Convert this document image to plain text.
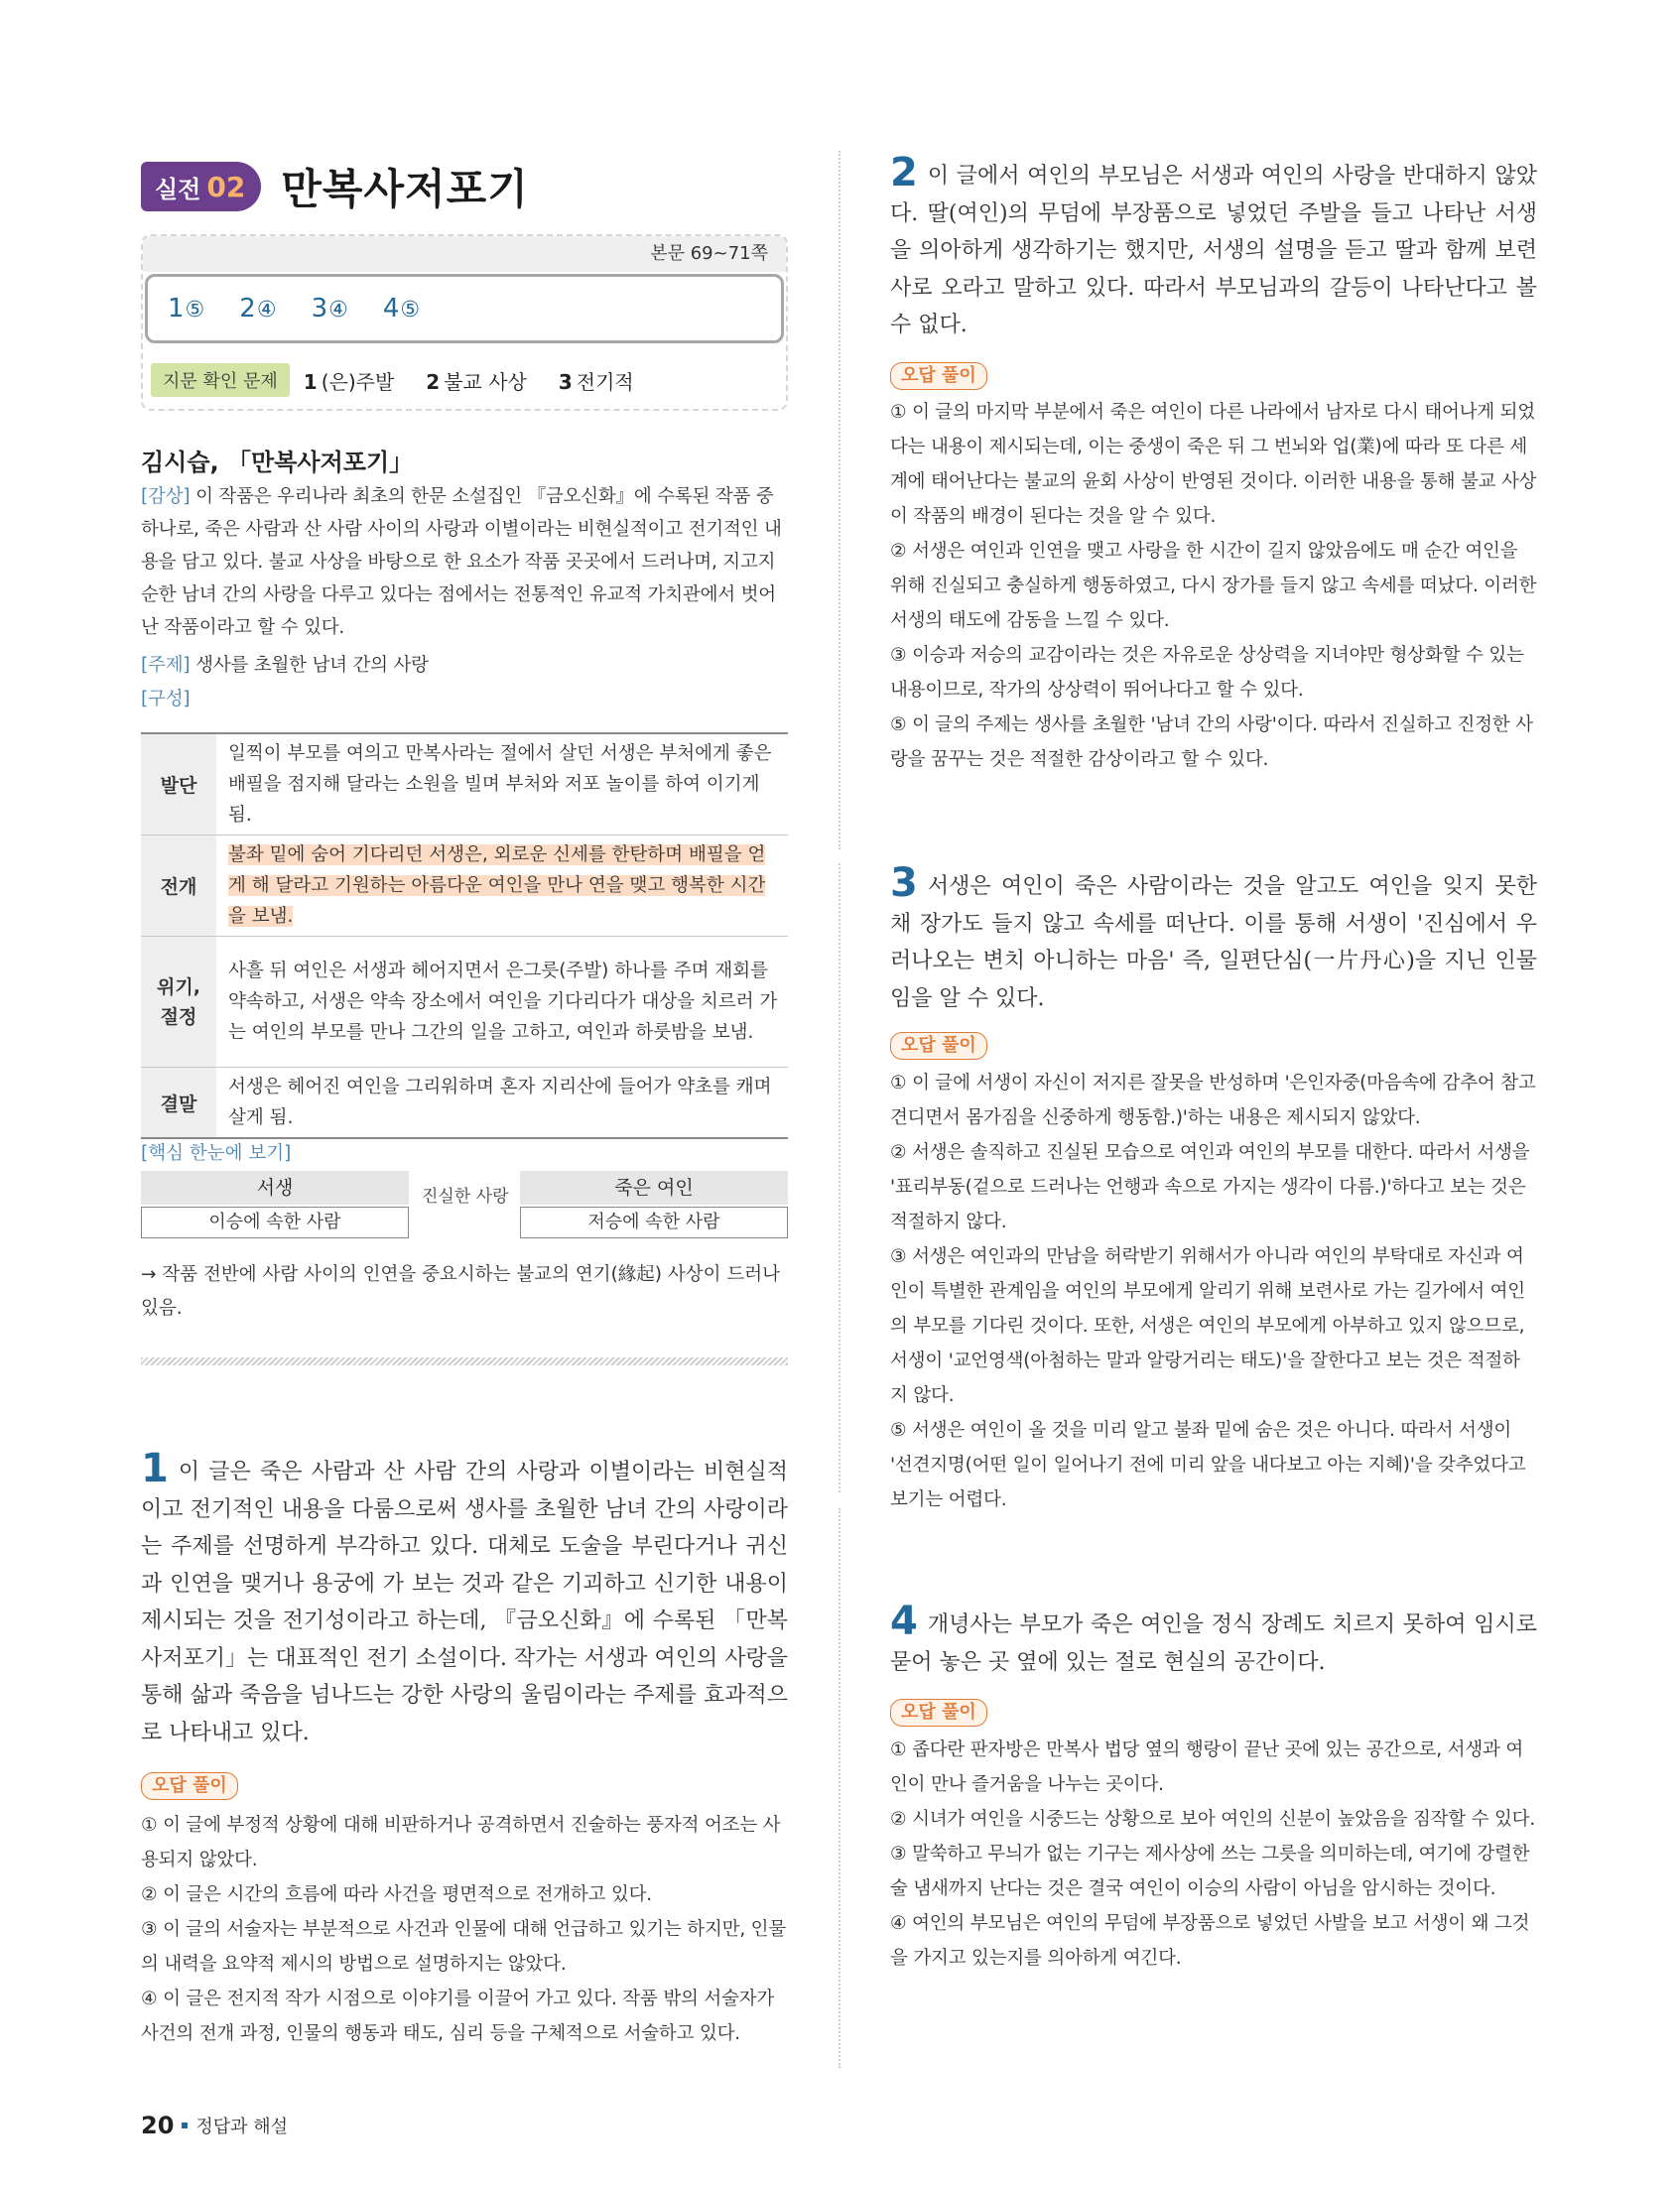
실전 02 만복사저포기
본문 69~71쪽
1⑤ 2④ 3④ 4⑤
지문 확인 문제	1 (은)주발 2 불교 사상 3 전기적
김시습, 「만복사저포기」
[감상] 이 작품은 우리나라 최초의 한문 소설집인 『금오신화』에 수록된 작품 중 하나로, 죽은 사람과 산 사람 사이의 사랑과 이별이라는 비현실적이고 전기적인 내용을 담고 있다. 불교 사상을 바탕으로 한 요소가 작품 곳곳에서 드러나며, 지고지순한 남녀 간의 사랑을 다루고 있다는 점에서는 전통적인 유교적 가치관에서 벗어난 작품이라고 할 수 있다.
[주제] 생사를 초월한 남녀 간의 사랑
[구성]
발단	일찍이 부모를 여의고 만복사라는 절에서 살던 서생은 부처에게 좋은 배필을 점지해 달라는 소원을 빌며 부처와 저포 놀이를 하여 이기게 됨.
전개	불좌 밑에 숨어 기다리던 서생은, 외로운 신세를 한탄하며 배필을 얻게 해 달라고 기원하는 아름다운 여인을 만나 연을 맺고 행복한 시간을 보냄.
위기,
절정	사흘 뒤 여인은 서생과 헤어지면서 은그릇(주발) 하나를 주며 재회를 약속하고, 서생은 약속 장소에서 여인을 기다리다가 대상을 치르러 가는 여인의 부모를 만나 그간의 일을 고하고, 여인과 하룻밤을 보냄.
결말	서생은 헤어진 여인을 그리워하며 혼자 지리산에 들어가 약초를 캐며 살게 됨.
[핵심 한눈에 보기]
서생
이승에 속한 사람
진실한 사랑	죽은 여인
저승에 속한 사람
→ 작품 전반에 사람 사이의 인연을 중요시하는 불교의 연기(緣起) 사상이 드러나 있음.
1 이 글은 죽은 사람과 산 사람 간의 사랑과 이별이라는 비현실적이고 전기적인 내용을 다룸으로써 생사를 초월한 남녀 간의 사랑이라는 주제를 선명하게 부각하고 있다. 대체로 도술을 부린다거나 귀신과 인연을 맺거나 용궁에 가 보는 것과 같은 기괴하고 신기한 내용이 제시되는 것을 전기성이라고 하는데, 『금오신화』에 수록된 「만복사저포기」는 대표적인 전기 소설이다. 작가는 서생과 여인의 사랑을 통해 삶과 죽음을 넘나드는 강한 사랑의 울림이라는 주제를 효과적으로 나타내고 있다.
오답 풀이
① 이 글에 부정적 상황에 대해 비판하거나 공격하면서 진술하는 풍자적 어조는 사용되지 않았다.
② 이 글은 시간의 흐름에 따라 사건을 평면적으로 전개하고 있다.
③ 이 글의 서술자는 부분적으로 사건과 인물에 대해 언급하고 있기는 하지만, 인물의 내력을 요약적 제시의 방법으로 설명하지는 않았다.
④ 이 글은 전지적 작가 시점으로 이야기를 이끌어 가고 있다. 작품 밖의 서술자가 사건의 전개 과정, 인물의 행동과 태도, 심리 등을 구체적으로 서술하고 있다.
2 이 글에서 여인의 부모님은 서생과 여인의 사랑을 반대하지 않았다. 딸(여인)의 무덤에 부장품으로 넣었던 주발을 들고 나타난 서생을 의아하게 생각하기는 했지만, 서생의 설명을 듣고 딸과 함께 보련사로 오라고 말하고 있다. 따라서 부모님과의 갈등이 나타난다고 볼 수 없다.
오답 풀이
① 이 글의 마지막 부분에서 죽은 여인이 다른 나라에서 남자로 다시 태어나게 되었다는 내용이 제시되는데, 이는 중생이 죽은 뒤 그 번뇌와 업(業)에 따라 또 다른 세계에 태어난다는 불교의 윤회 사상이 반영된 것이다. 이러한 내용을 통해 불교 사상이 작품의 배경이 된다는 것을 알 수 있다.
② 서생은 여인과 인연을 맺고 사랑을 한 시간이 길지 않았음에도 매 순간 여인을 위해 진실되고 충실하게 행동하였고, 다시 장가를 들지 않고 속세를 떠났다. 이러한 서생의 태도에 감동을 느낄 수 있다.
③ 이승과 저승의 교감이라는 것은 자유로운 상상력을 지녀야만 형상화할 수 있는 내용이므로, 작가의 상상력이 뛰어나다고 할 수 있다.
⑤ 이 글의 주제는 생사를 초월한 '남녀 간의 사랑'이다. 따라서 진실하고 진정한 사랑을 꿈꾸는 것은 적절한 감상이라고 할 수 있다.
3 서생은 여인이 죽은 사람이라는 것을 알고도 여인을 잊지 못한 채 장가도 들지 않고 속세를 떠난다. 이를 통해 서생이 '진심에서 우러나오는 변치 아니하는 마음' 즉, 일편단심(一片丹心)을 지닌 인물임을 알 수 있다.
오답 풀이
① 이 글에 서생이 자신이 저지른 잘못을 반성하며 '은인자중(마음속에 감추어 참고 견디면서 몸가짐을 신중하게 행동함.)'하는 내용은 제시되지 않았다.
② 서생은 솔직하고 진실된 모습으로 여인과 여인의 부모를 대한다. 따라서 서생을 '표리부동(겉으로 드러나는 언행과 속으로 가지는 생각이 다름.)'하다고 보는 것은 적절하지 않다.
③ 서생은 여인과의 만남을 허락받기 위해서가 아니라 여인의 부탁대로 자신과 여인이 특별한 관계임을 여인의 부모에게 알리기 위해 보련사로 가는 길가에서 여인의 부모를 기다린 것이다. 또한, 서생은 여인의 부모에게 아부하고 있지 않으므로, 서생이 '교언영색(아첨하는 말과 알랑거리는 태도)'을 잘한다고 보는 것은 적절하지 않다.
⑤ 서생은 여인이 올 것을 미리 알고 불좌 밑에 숨은 것은 아니다. 따라서 서생이 '선견지명(어떤 일이 일어나기 전에 미리 앞을 내다보고 아는 지혜)'을 갖추었다고 보기는 어렵다.
4 개녕사는 부모가 죽은 여인을 정식 장례도 치르지 못하여 임시로 묻어 놓은 곳 옆에 있는 절로 현실의 공간이다.
오답 풀이
① 좁다란 판자방은 만복사 법당 옆의 행랑이 끝난 곳에 있는 공간으로, 서생과 여인이 만나 즐거움을 나누는 곳이다.
② 시녀가 여인을 시중드는 상황으로 보아 여인의 신분이 높았음을 짐작할 수 있다.
③ 말쑥하고 무늬가 없는 기구는 제사상에 쓰는 그릇을 의미하는데, 여기에 강렬한 술 냄새까지 난다는 것은 결국 여인이 이승의 사람이 아님을 암시하는 것이다.
④ 여인의 부모님은 여인의 무덤에 부장품으로 넣었던 사발을 보고 서생이 왜 그것을 가지고 있는지를 의아하게 여긴다.
20 정답과 해설
